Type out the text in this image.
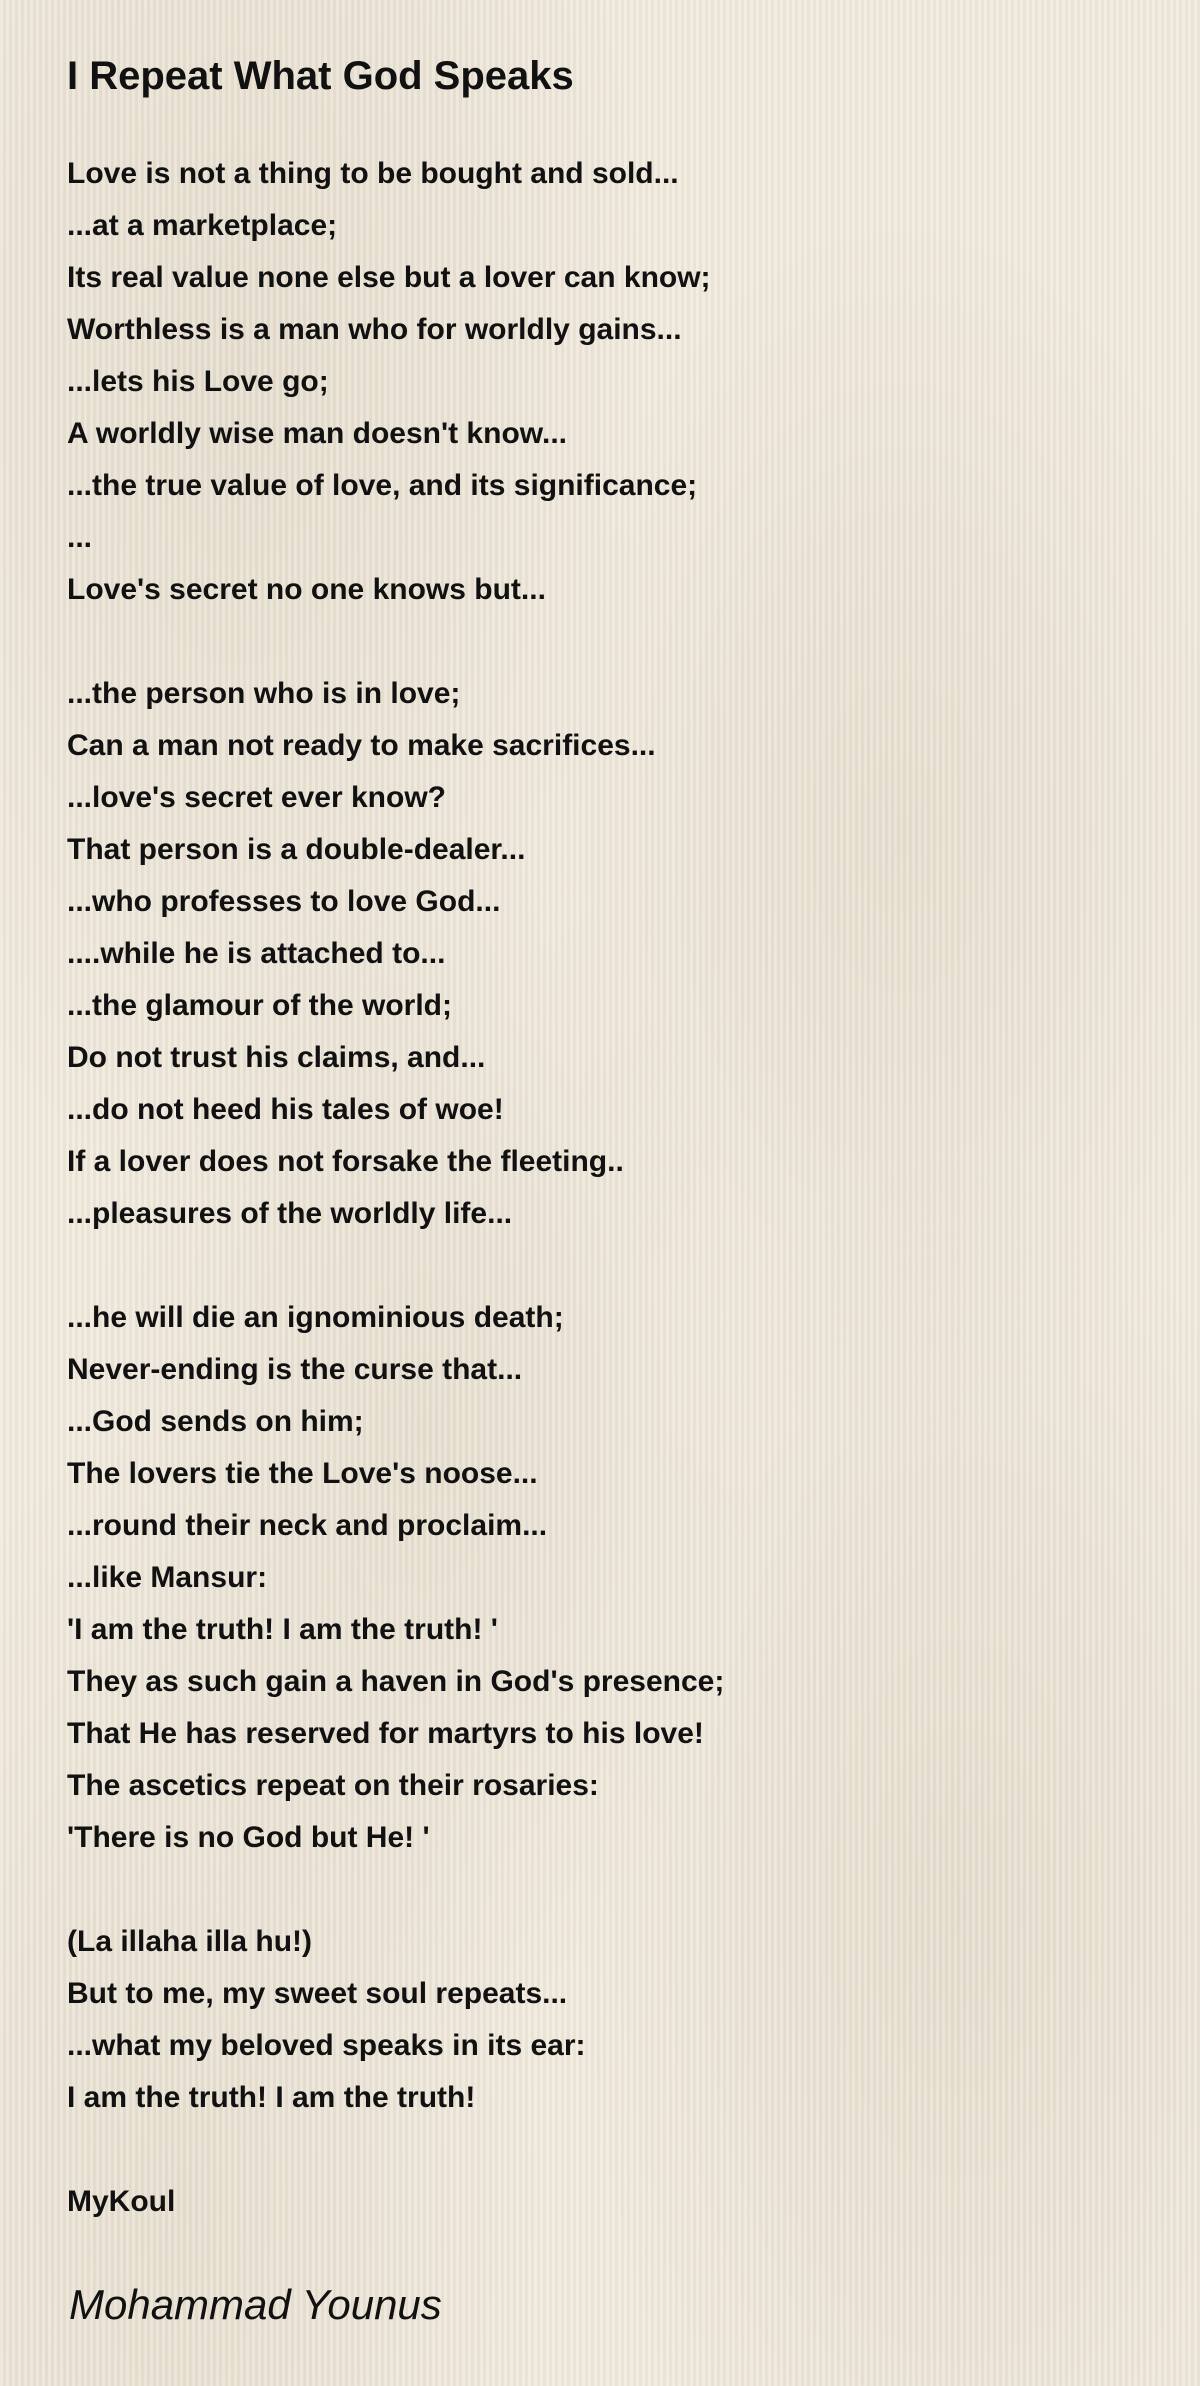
I Repeat What God Speaks
Love is not a thing to be bought and sold...
...at a marketplace;
Its real value none else but a lover can know;
Worthless is a man who for worldly gains...
...lets his Love go;
A worldly wise man doesn't know...
...the true value of love, and its significance;
...
Love's secret no one knows but...
...the person who is in love;
Can a man not ready to make sacrifices...
...love's secret ever know?
That person is a double-dealer...
...who professes to love God...
....while he is attached to...
...the glamour of the world;
Do not trust his claims, and...
...do not heed his tales of woe!
If a lover does not forsake the fleeting..
...pleasures of the worldly life...
...he will die an ignominious death;
Never-ending is the curse that...
...God sends on him;
The lovers tie the Love's noose...
...round their neck and proclaim...
...like Mansur:
'I am the truth! I am the truth! '
They as such gain a haven in God's presence;
That He has reserved for martyrs to his love!
The ascetics repeat on their rosaries:
'There is no God but He! '
(La illaha illa hu!)
But to me, my sweet soul repeats...
...what my beloved speaks in its ear:
I am the truth! I am the truth!
MyKoul
Mohammad Younus
